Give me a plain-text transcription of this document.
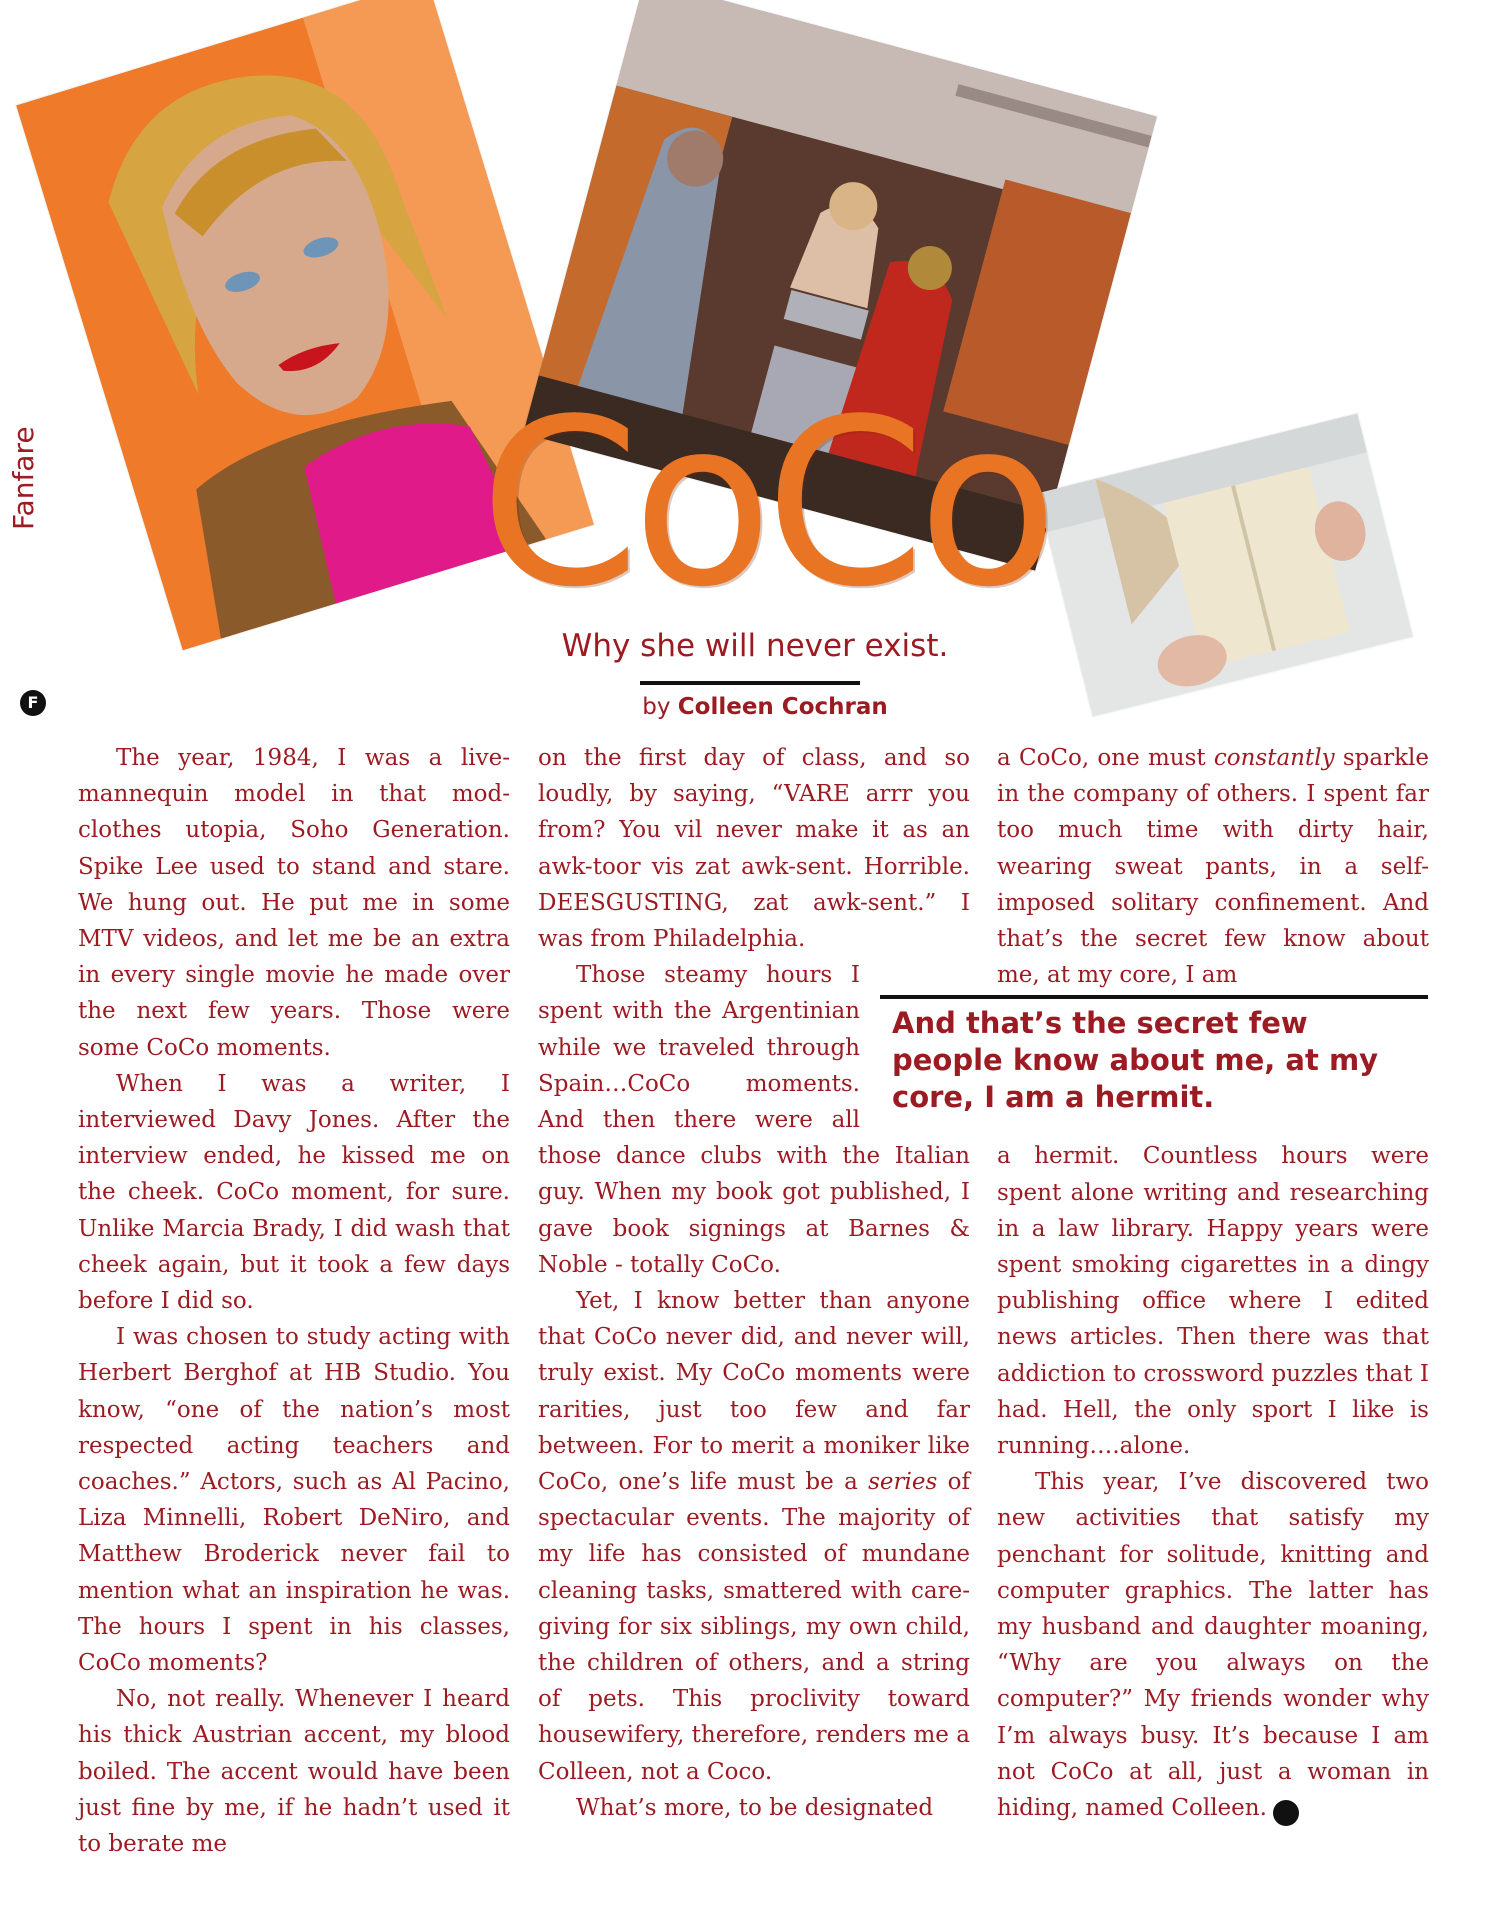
CoCo
Why she will never exist.
by Colleen Cochran
Fanfare
F

The year, 1984, I was a live-mannequin model in that mod-clothes utopia, Soho Generation. Spike Lee used to stand and stare. We hung out. He put me in some MTV videos, and let me be an extra in every single movie he made over the next few years. Those were some CoCo moments.

When I was a writer, I interviewed Davy Jones. After the interview ended, he kissed me on the cheek. CoCo moment, for sure. Unlike Marcia Brady, I did wash that cheek again, but it took a few days before I did so.

I was chosen to study acting with Herbert Berghof at HB Studio. You know, “one of the nation’s most respected acting teachers and coaches.” Actors, such as Al Pacino, Liza Minnelli, Robert DeNiro, and Matthew Broderick never fail to mention what an inspiration he was. The hours I spent in his classes, CoCo moments?

No, not really. Whenever I heard his thick Austrian accent, my blood boiled. The accent would have been just fine by me, if he hadn’t used it to berate me

on the first day of class, and so loudly, by saying, “VARE arrr you from? You vil never make it as an awk-toor vis zat awk-sent. Horrible. DEESGUSTING, zat awk-sent.” I was from Philadelphia.

Those steamy hours I spent with the Argentinian while we traveled through Spain…CoCo moments. And then there were all those dance clubs with the Italian guy. When my book got published, I gave book signings at Barnes & Noble - totally CoCo.

Yet, I know better than anyone that CoCo never did, and never will, truly exist. My CoCo moments were rarities, just too few and far between. For to merit a moniker like CoCo, one’s life must be a series of spectacular events. The majority of my life has consisted of mundane cleaning tasks, smattered with care-giving for six siblings, my own child, the children of others, and a string of pets. This proclivity toward housewifery, therefore, renders me a Colleen, not a Coco.

What’s more, to be designated

a CoCo, one must constantly sparkle in the company of others. I spent far too much time with dirty hair, wearing sweat pants, in a self-imposed solitary confinement. And that’s the secret few know about me, at my core, I am

a hermit. Countless hours were spent alone writing and researching in a law library. Happy years were spent smoking cigarettes in a dingy publishing office where I edited news articles. Then there was that addiction to crossword puzzles that I had. Hell, the only sport I like is running….alone.

This year, I’ve discovered two new activities that satisfy my penchant for solitude, knitting and computer graphics. The latter has my husband and daughter moaning, “Why are you always on the computer?” My friends wonder why I’m always busy. It’s because I am not CoCo at all, just a woman in hiding, named Colleen.	F

And that’s the secret few people know about me, at my core, I am a hermit.
